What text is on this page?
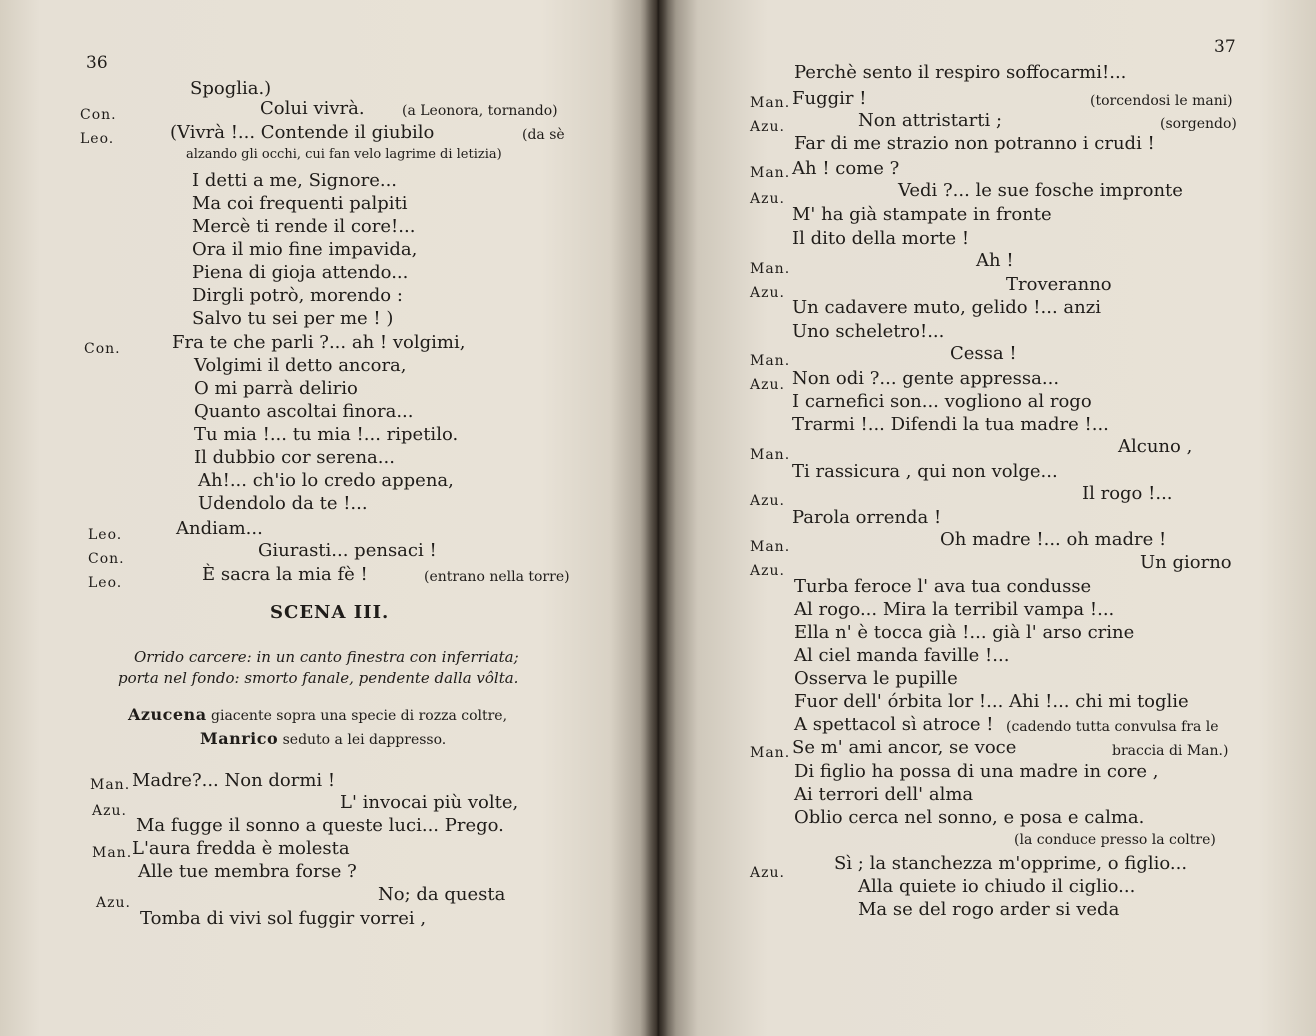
36
Spoglia.)
Con.	Colui vivrà.	(a Leonora, tornando)
Leo.	(Vivrà !... Contende il giubilo	(da sè
alzando gli occhi, cui fan velo lagrime di letizia)
I detti a me, Signore...
Ma coi frequenti palpiti
Mercè ti rende il core!...
Ora il mio fine impavida,
Piena di gioja attendo...
Dirgli potrò, morendo :
Salvo tu sei per me ! )
Con.	Fra te che parli ?... ah ! volgimi,
Volgimi il detto ancora,
O mi parrà delirio
Quanto ascoltai finora...
Tu mia !... tu mia !... ripetilo.
Il dubbio cor serena...
Ah!... ch'io lo credo appena,
Udendolo da te !...
Leo.	Andiam...
Con.	Giurasti... pensaci !
Leo.	È sacra la mia fè !	(entrano nella torre)
SCENA III.
Orrido carcere: in un canto finestra con inferriata;
porta nel fondo: smorto fanale, pendente dalla vôlta.
Azucena giacente sopra una specie di rozza coltre,
Manrico seduto a lei dappresso.
Man. Madre?... Non dormi !
Azu.	L' invocai più volte,
Ma fugge il sonno a queste luci... Prego.
Man. L'aura fredda è molesta
Alle tue membra forse ?
Azu.	No; da questa
Tomba di vivi sol fuggir vorrei ,
37
Perchè sento il respiro soffocarmi!...
Man. Fuggir !	(torcendosi le mani)
Azu.	Non attristarti ;	(sorgendo)
Far di me strazio non potranno i crudi !
Man. Ah ! come ?
Azu.	Vedi ?... le sue fosche impronte
M' ha già stampate in fronte
Il dito della morte !
Man.	Ah !
Azu.	Troveranno
Un cadavere muto, gelido !... anzi
Uno scheletro!...
Man.	Cessa !
Azu. Non odi ?... gente appressa...
I carnefici son... vogliono al rogo
Trarmi !... Difendi la tua madre !...
Man.	Alcuno ,
Ti rassicura , qui non volge...
Azu.	Il rogo !...
Parola orrenda !
Man.	Oh madre !... oh madre !
Azu.	Un giorno
Turba feroce l' ava tua condusse
Al rogo... Mira la terribil vampa !...
Ella n' è tocca già !... già l' arso crine
Al ciel manda faville !...
Osserva le pupille
Fuor dell' órbita lor !... Ahi !... chi mi toglie
A spettacol sì atroce ! (cadendo tutta convulsa fra le
Man. Se m' ami ancor, se voce	braccia di Man.)
Di figlio ha possa di una madre in core ,
Ai terrori dell' alma
Oblio cerca nel sonno, e posa e calma.
(la conduce presso la coltre)
Azu.	Sì ; la stanchezza m'opprime, o figlio...
Alla quiete io chiudo il ciglio...
Ma se del rogo arder si veda
